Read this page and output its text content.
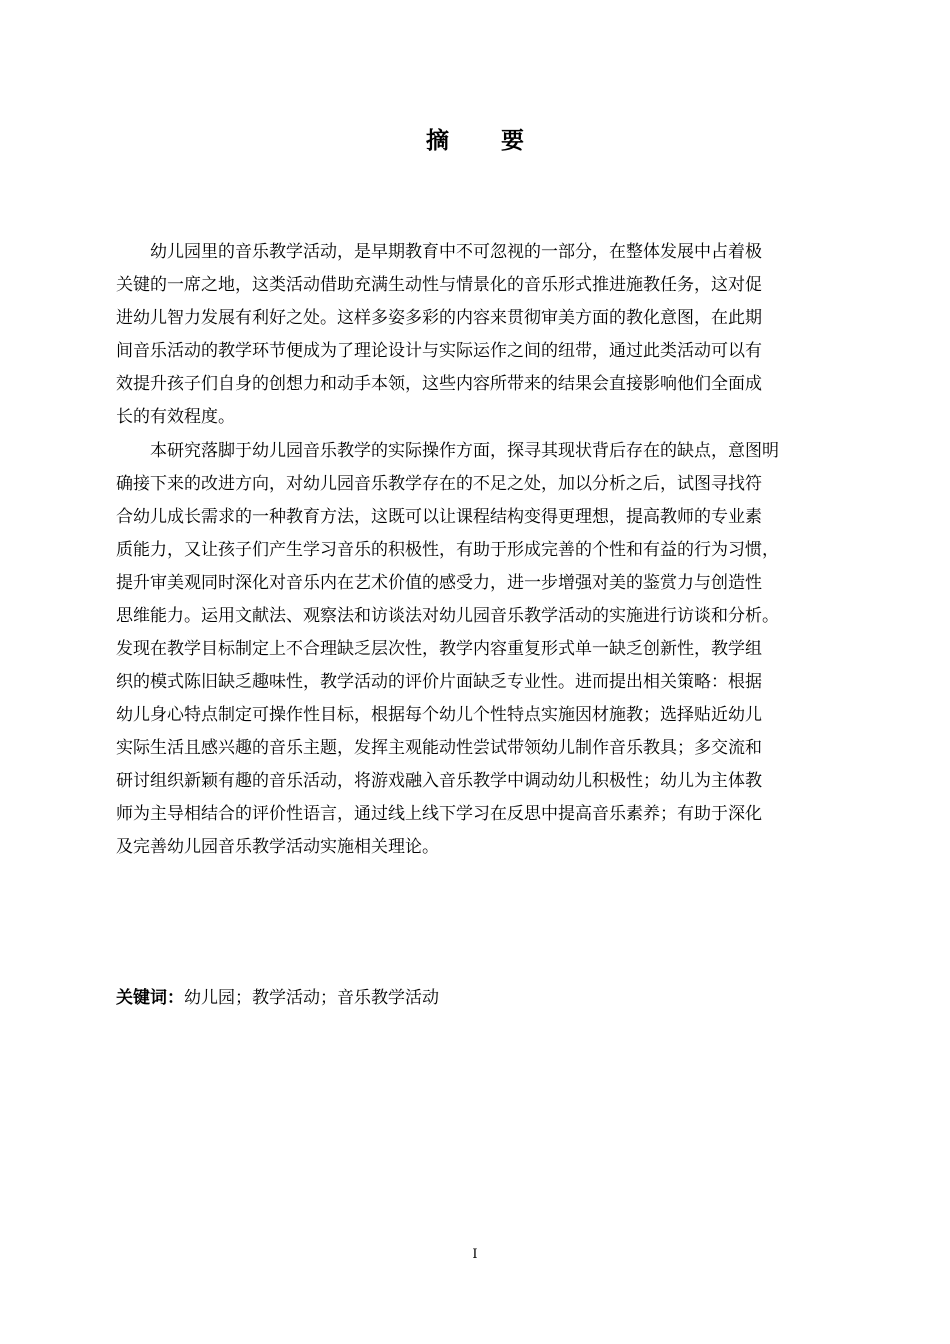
摘 要

幼儿园里的音乐教学活动，是早期教育中不可忽视的一部分，在整体发展中占着极
关键的一席之地，这类活动借助充满生动性与情景化的音乐形式推进施教任务，这对促
进幼儿智力发展有利好之处。这样多姿多彩的内容来贯彻审美方面的教化意图，在此期
间音乐活动的教学环节便成为了理论设计与实际运作之间的纽带，通过此类活动可以有
效提升孩子们自身的创想力和动手本领，这些内容所带来的结果会直接影响他们全面成
长的有效程度。

本研究落脚于幼儿园音乐教学的实际操作方面，探寻其现状背后存在的缺点，意图明
确接下来的改进方向，对幼儿园音乐教学存在的不足之处，加以分析之后，试图寻找符
合幼儿成长需求的一种教育方法，这既可以让课程结构变得更理想，提高教师的专业素
质能力，又让孩子们产生学习音乐的积极性，有助于形成完善的个性和有益的行为习惯，
提升审美观同时深化对音乐内在艺术价值的感受力，进一步增强对美的鉴赏力与创造性
思维能力。运用文献法、观察法和访谈法对幼儿园音乐教学活动的实施进行访谈和分析。
发现在教学目标制定上不合理缺乏层次性，教学内容重复形式单一缺乏创新性，教学组
织的模式陈旧缺乏趣味性，教学活动的评价片面缺乏专业性。进而提出相关策略：根据
幼儿身心特点制定可操作性目标，根据每个幼儿个性特点实施因材施教；选择贴近幼儿
实际生活且感兴趣的音乐主题，发挥主观能动性尝试带领幼儿制作音乐教具；多交流和
研讨组织新颖有趣的音乐活动，将游戏融入音乐教学中调动幼儿积极性；幼儿为主体教
师为主导相结合的评价性语言，通过线上线下学习在反思中提高音乐素养；有助于深化
及完善幼儿园音乐教学活动实施相关理论。

关键词：幼儿园；教学活动；音乐教学活动
I
